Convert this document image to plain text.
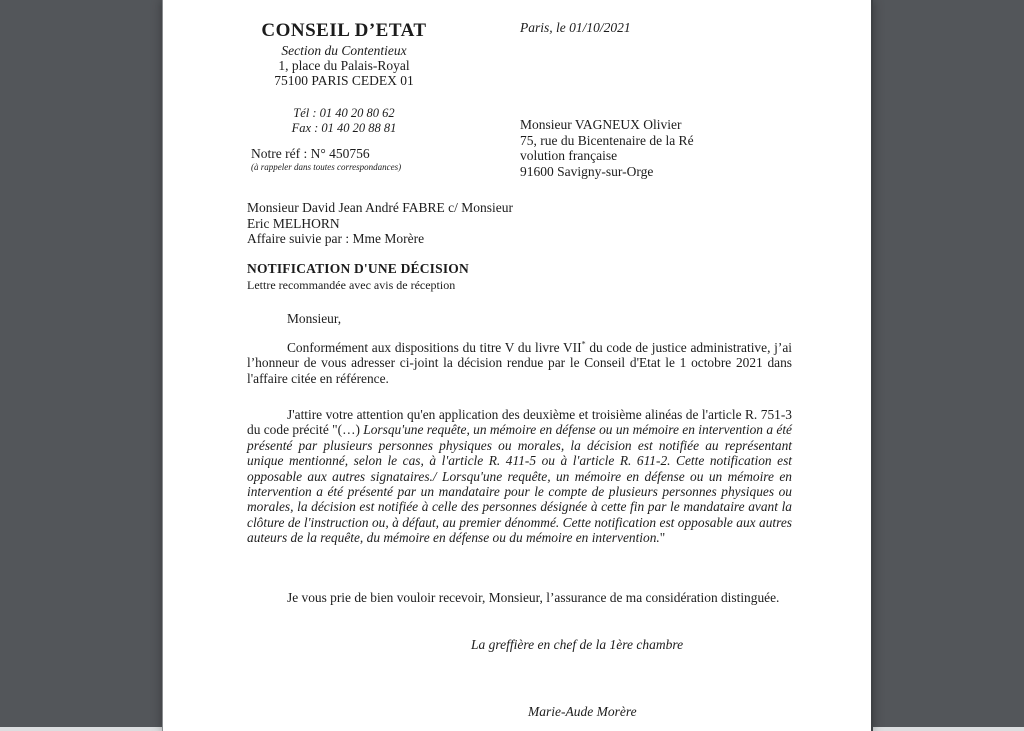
CONSEIL D’ETAT
Section du Contentieux
1, place du Palais-Royal
75100 PARIS CEDEX 01
Tél : 01 40 20 80 62
Fax : 01 40 20 88 81
Notre réf : N° 450756
(à rappeler dans toutes correspondances)
Paris, le 01/10/2021
Monsieur VAGNEUX Olivier
75, rue du Bicentenaire de la Ré
volution française
91600 Savigny-sur-Orge
Monsieur David Jean André FABRE c/ Monsieur
Eric MELHORN
Affaire suivie par : Mme Morère
NOTIFICATION D'UNE DÉCISION
Lettre recommandée avec avis de réception
Monsieur,

Conformément aux dispositions du titre V du livre VII* du code de justice administrative, j’ai l’honneur de vous adresser ci-joint la décision rendue par le Conseil d'Etat le 1 octobre 2021 dans l'affaire citée en référence.

J'attire votre attention qu'en application des deuxième et troisième alinéas de l'article R. 751-3 du code précité "(…) Lorsqu'une requête, un mémoire en défense ou un mémoire en intervention a été présenté par plusieurs personnes physiques ou morales, la décision est notifiée au représentant unique mentionné, selon le cas, à l'article R. 411-5 ou à l'article R. 611-2. Cette notification est opposable aux autres signataires./ Lorsqu'une requête, un mémoire en défense ou un mémoire en intervention a été présenté par un mandataire pour le compte de plusieurs personnes physiques ou morales, la décision est notifiée à celle des personnes désignée à cette fin par le mandataire avant la clôture de l'instruction ou, à défaut, au premier dénommé. Cette notification est opposable aux autres auteurs de la requête, du mémoire en défense ou du mémoire en intervention."

Je vous prie de bien vouloir recevoir, Monsieur, l’assurance de ma considération distinguée.

La greffière en chef de la 1ère chambre
Marie-Aude Morère
